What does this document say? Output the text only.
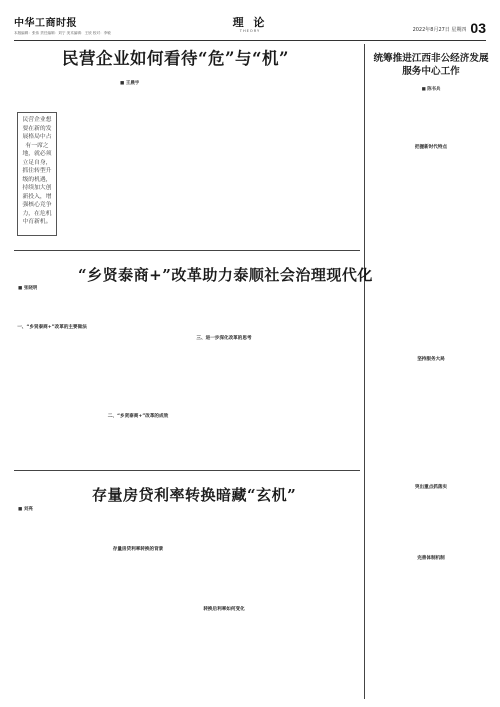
中华工商时报
本版编辑：张伟 责任编辑：刘宁 美术编辑：王欣 校对：李敏
理 论
THEORY	2022年8月27日 星期四 03
民营企业如何看待“危”与“机”
■ 王晨宇
民营企业想要在新的发展格局中占有一席之地，就必须立足自身，抓住转型升级的机遇，持续加大创新投入，增强核心竞争力，在危机中育新机。
“乡贤泰商+”改革助力泰顺社会治理现代化
■ 张晓明
一、“乡贤泰商+”改革的主要做法
二、“乡贤泰商+”改革的成效
三、进一步深化改革的思考
存量房贷利率转换暗藏“玄机”
■ 刘亮
存量房贷利率转换的背景
转换后利率如何变化
统筹推进江西非公经济发展服务中心工作
■ 陈书兵
把握新时代特点
坚持服务大局
突出重点抓落实
完善体制机制
